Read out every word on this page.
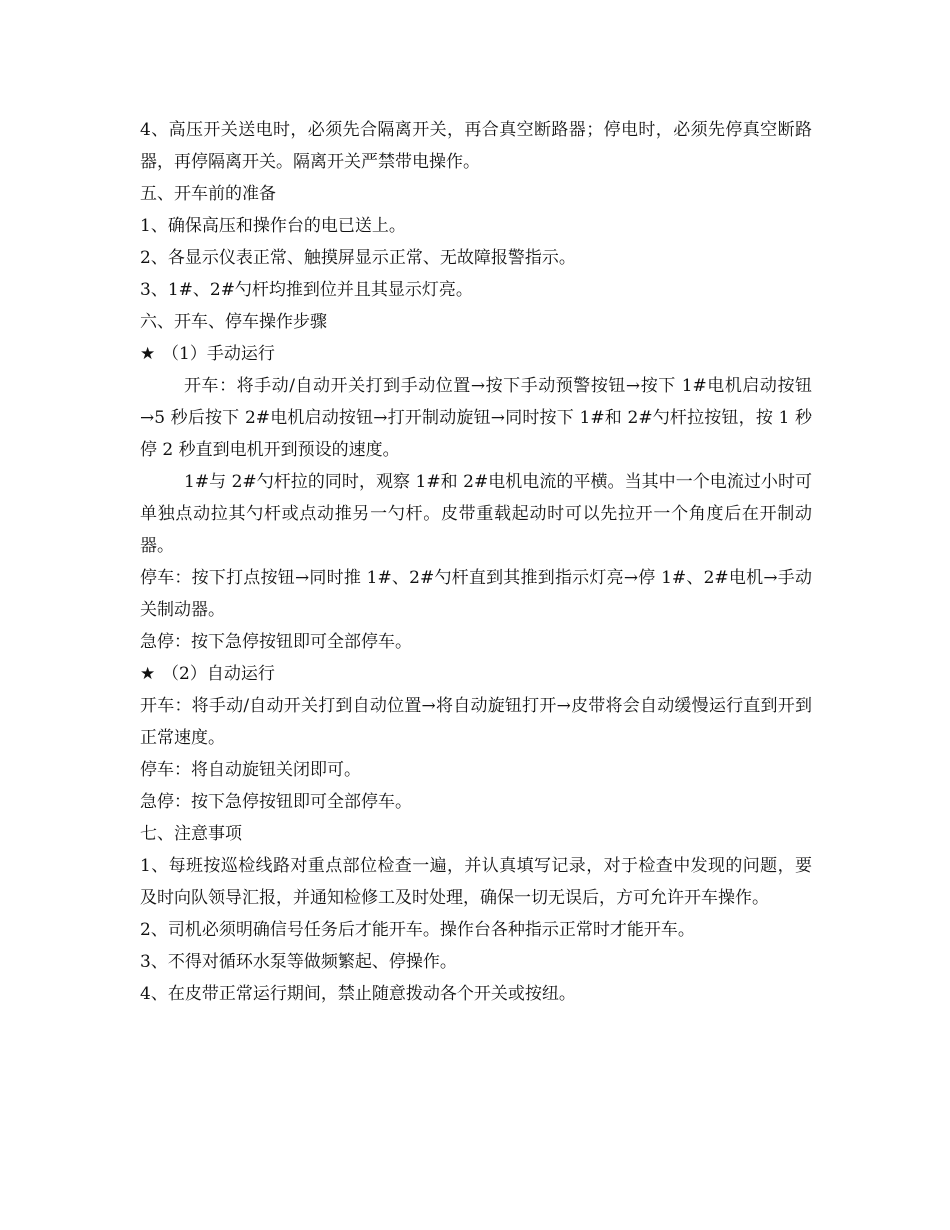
4、高压开关送电时，必须先合隔离开关，再合真空断路器；停电时，必须先停真空断路器，再停隔离开关。隔离开关严禁带电操作。

五、开车前的准备

1、确保高压和操作台的电已送上。

2、各显示仪表正常、触摸屏显示正常、无故障报警指示。

3、1#、2#勺杆均推到位并且其显示灯亮。

六、开车、停车操作步骤

★ （1）手动运行

开车：将手动/自动开关打到手动位置→按下手动预警按钮→按下 1#电机启动按钮→5 秒后按下 2#电机启动按钮→打开制动旋钮→同时按下 1#和 2#勺杆拉按钮，按 1 秒停 2 秒直到电机开到预设的速度。

1#与 2#勺杆拉的同时，观察 1#和 2#电机电流的平横。当其中一个电流过小时可单独点动拉其勺杆或点动推另一勺杆。皮带重载起动时可以先拉开一个角度后在开制动器。

停车：按下打点按钮→同时推 1#、2#勺杆直到其推到指示灯亮→停 1#、2#电机→手动关制动器。

急停：按下急停按钮即可全部停车。

★ （2）自动运行

开车：将手动/自动开关打到自动位置→将自动旋钮打开→皮带将会自动缓慢运行直到开到正常速度。

停车：将自动旋钮关闭即可。

急停：按下急停按钮即可全部停车。

七、注意事项

1、每班按巡检线路对重点部位检查一遍，并认真填写记录，对于检查中发现的问题，要及时向队领导汇报，并通知检修工及时处理，确保一切无误后，方可允许开车操作。

2、司机必须明确信号任务后才能开车。操作台各种指示正常时才能开车。

3、不得对循环水泵等做频繁起、停操作。

4、在皮带正常运行期间，禁止随意拨动各个开关或按纽。
